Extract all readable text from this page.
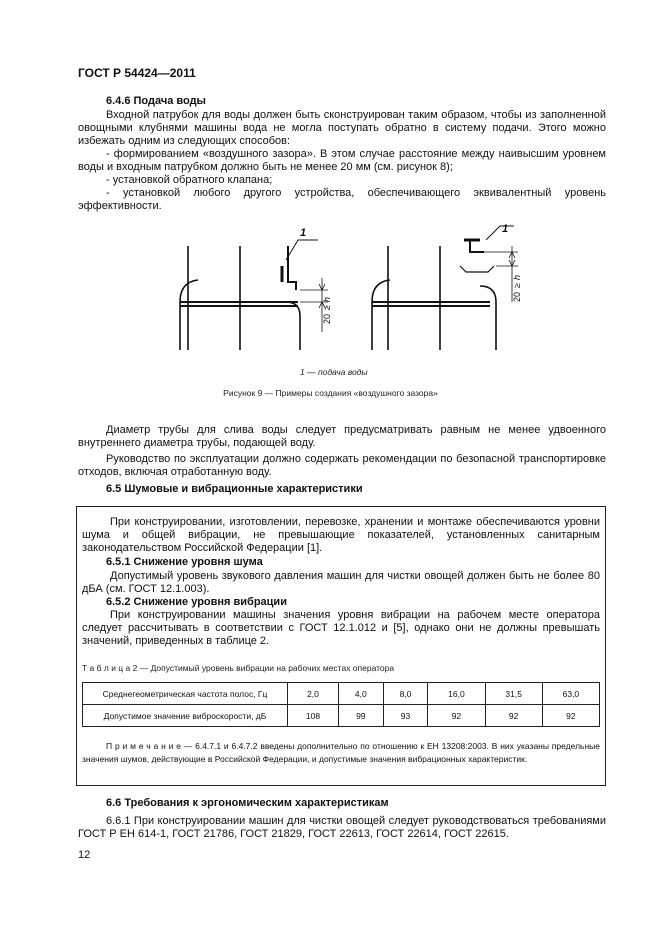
ГОСТ Р 54424—2011
6.4.6 Подача воды
Входной патрубок для воды должен быть сконструирован таким образом, чтобы из заполненной овощными клубнями машины вода не могла поступать обратно в систему подачи. Этого можно избежать одним из следующих способов:
- формированием «воздушного зазора». В этом случае расстояние между наивысшим уровнем воды и входным патрубком должно быть не менее 20 мм (см. рисунок 8);
- установкой обратного клапана;
- установкой любого другого устройства, обеспечивающего эквивалентный уровень эффективности.
1	1
20
≥
h	20
≥
h
1 — подача воды
Рисунок 9 — Примеры создания «воздушного зазора»
Диаметр трубы для слива воды следует предусматривать равным не менее удвоенного внутреннего диаметра трубы, подающей воду.
Руководство по эксплуатации должно содержать рекомендации по безопасной транспортировке отходов, включая отработанную воду.
6.5 Шумовые и вибрационные характеристики
При конструировании, изготовлении, перевозке, хранении и монтаже обеспечиваются уровни шума и общей вибрации, не превышающие показателей, установленных санитарным законодательством Российской Федерации [1].
6.5.1 Снижение уровня шума
Допустимый уровень звукового давления машин для чистки овощей должен быть не более 80 дБА (см. ГОСТ 12.1.003).
6.5.2 Снижение уровня вибрации
При конструировании машины значения уровня вибрации на рабочем месте оператора следует рассчитывать в соответствии с ГОСТ 12.1.012 и [5], однако они не должны превышать значений, приведенных в таблице 2.
Т а б л и ц а 2 — Допустимый уровень вибрации на рабочих местах оператора
Среднегеометрическая частота полос, Гц	2,0	4,0	8,0	16,0	31,5	63,0
Допустимое значение виброскорости, дБ	108	99	93	92	92	92
П р и м е ч а н и е — 6.4.7.1 и 6.4.7.2 введены дополнительно по отношению к ЕН 13208:2003. В них указаны предельные значения шумов, действующие в Российской Федерации, и допустимые значения вибрационных характеристик.
6.6 Требования к эргономическим характеристикам
6.6.1 При конструировании машин для чистки овощей следует руководствоваться требованиями ГОСТ Р ЕН 614-1, ГОСТ 21786, ГОСТ 21829, ГОСТ 22613, ГОСТ 22614, ГОСТ 22615.
12
